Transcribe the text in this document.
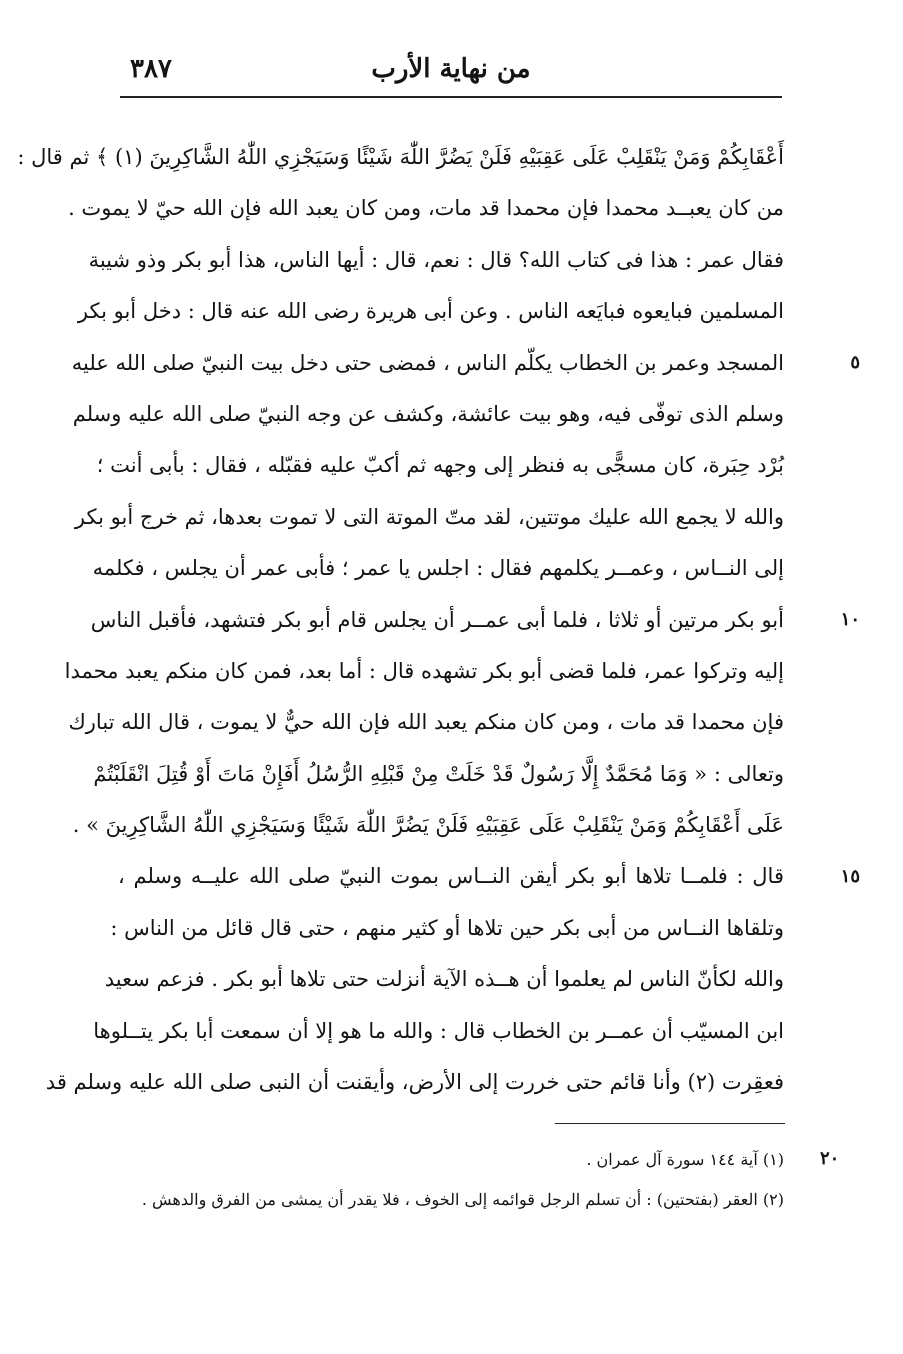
٣٨٧	من نهاية الأرب
أَعْقَابِكُمْ وَمَنْ يَنْقَلِبْ عَلَى عَقِبَيْهِ فَلَنْ يَضُرَّ اللّٰهَ شَيْئًا وَسَيَجْزِي اللّٰهُ الشَّاكِرِينَ (١) ﴾ ثم قال :
من كان يعبــد محمدا فإن محمدا قد مات، ومن كان يعبد الله فإن الله حيّ لا يموت .
فقال عمر : هذا فى كتاب الله؟ قال : نعم، قال : أيها الناس، هذا أبو بكر وذو شيبة
المسلمين فبايعوه فبايَعه الناس . وعن أبى هريرة رضى الله عنه قال : دخل أبو بكر
المسجد وعمر بن الخطاب يكلّم الناس ، فمضى حتى دخل بيت النبيّ صلى الله عليه
وسلم الذى توفّى فيه، وهو بيت عائشة، وكشف عن وجه النبيّ صلى الله عليه وسلم
بُرْد حِبَرة، كان مسجًّى به فنظر إلى وجهه ثم أكبّ عليه فقبّله ، فقال : بأبى أنت ؛
والله لا يجمع الله عليك موتتين، لقد متّ الموتة التى لا تموت بعدها، ثم خرج أبو بكر
إلى النــاس ، وعمــر يكلمهم فقال : اجلس يا عمر ؛ فأبى عمر أن يجلس ، فكلمه
أبو بكر مرتين أو ثلاثا ، فلما أبى عمــر أن يجلس قام أبو بكر فتشهد، فأقبل الناس
إليه وتركوا عمر، فلما قضى أبو بكر تشهده قال : أما بعد، فمن كان منكم يعبد محمدا
فإن محمدا قد مات ، ومن كان منكم يعبد الله فإن الله حيٌّ لا يموت ، قال الله تبارك
وتعالى : « وَمَا مُحَمَّدٌ إِلَّا رَسُولٌ قَدْ خَلَتْ مِنْ قَبْلِهِ الرُّسُلُ أَفَإِنْ مَاتَ أَوْ قُتِلَ انْقَلَبْتُمْ
عَلَى أَعْقَابِكُمْ وَمَنْ يَنْقَلِبْ عَلَى عَقِبَيْهِ فَلَنْ يَضُرَّ اللّٰهَ شَيْئًا وَسَيَجْزِي اللّٰهُ الشَّاكِرِينَ » .
قال : فلمــا تلاها أبو بكر أيقن النــاس بموت النبيّ صلى الله عليــه وسلم ،
وتلقاها النــاس من أبى بكر حين تلاها أو كثير منهم ، حتى قال قائل من الناس :
والله لكأنّ الناس لم يعلموا أن هــذه الآية أنزلت حتى تلاها أبو بكر . فزعم سعيد
ابن المسيّب أن عمــر بن الخطاب قال : والله ما هو إلا أن سمعت أبا بكر يتــلوها
فعقِرت (٢) وأنا قائم حتى خررت إلى الأرض، وأيقنت أن النبى صلى الله عليه وسلم قد
٥
١٠
١٥
(١) آية ١٤٤ سورة آل عمران .
(٢) العقر (بفتحتين) : أن تسلم الرجل قوائمه إلى الخوف ، فلا يقدر أن يمشى من الفرق والدهش .
٢٠
